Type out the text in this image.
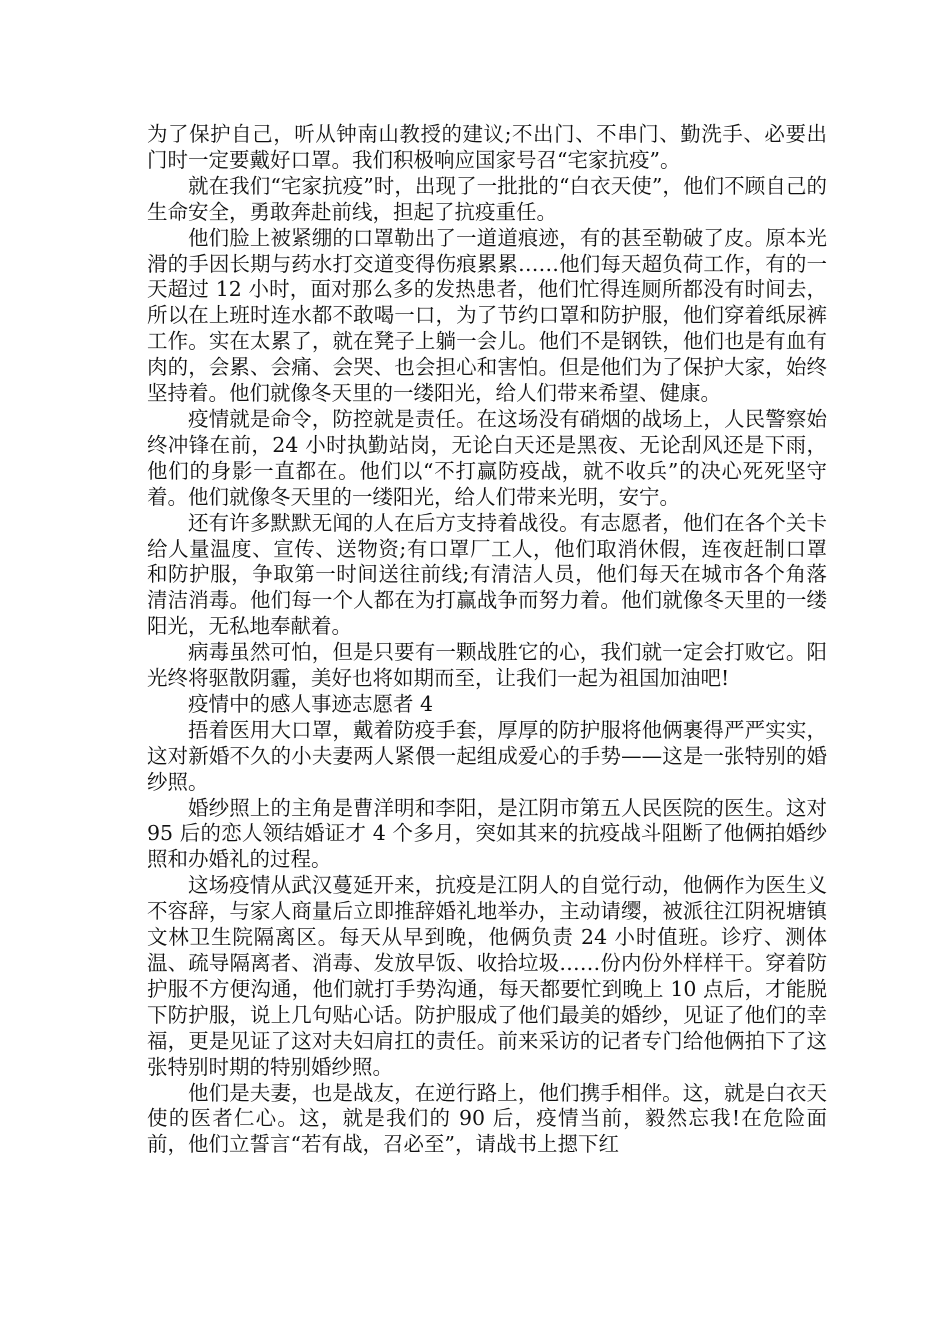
为了保护自己，听从钟南山教授的建议;不出门、不串门、勤洗手、必要出门时一定要戴好口罩。我们积极响应国家号召“宅家抗疫”。

就在我们“宅家抗疫”时，出现了一批批的“白衣天使”，他们不顾自己的生命安全，勇敢奔赴前线，担起了抗疫重任。

他们脸上被紧绷的口罩勒出了一道道痕迹，有的甚至勒破了皮。原本光滑的手因长期与药水打交道变得伤痕累累……他们每天超负荷工作，有的一天超过 12 小时，面对那么多的发热患者，他们忙得连厕所都没有时间去，所以在上班时连水都不敢喝一口，为了节约口罩和防护服，他们穿着纸尿裤工作。实在太累了，就在凳子上躺一会儿。他们不是钢铁，他们也是有血有肉的，会累、会痛、会哭、也会担心和害怕。但是他们为了保护大家，始终坚持着。他们就像冬天里的一缕阳光，给人们带来希望、健康。

疫情就是命令，防控就是责任。在这场没有硝烟的战场上，人民警察始终冲锋在前，24 小时执勤站岗，无论白天还是黑夜、无论刮风还是下雨，他们的身影一直都在。他们以“不打赢防疫战，就不收兵”的决心死死坚守着。他们就像冬天里的一缕阳光，给人们带来光明，安宁。

还有许多默默无闻的人在后方支持着战役。有志愿者，他们在各个关卡给人量温度、宣传、送物资;有口罩厂工人，他们取消休假，连夜赶制口罩和防护服，争取第一时间送往前线;有清洁人员，他们每天在城市各个角落清洁消毒。他们每一个人都在为打赢战争而努力着。他们就像冬天里的一缕阳光，无私地奉献着。

病毒虽然可怕，但是只要有一颗战胜它的心，我们就一定会打败它。阳光终将驱散阴霾，美好也将如期而至，让我们一起为祖国加油吧!

疫情中的感人事迹志愿者 4

捂着医用大口罩，戴着防疫手套，厚厚的防护服将他俩裹得严严实实，这对新婚不久的小夫妻两人紧偎一起组成爱心的手势——这是一张特别的婚纱照。

婚纱照上的主角是曹洋明和李阳，是江阴市第五人民医院的医生。这对 95 后的恋人领结婚证才 4 个多月，突如其来的抗疫战斗阻断了他俩拍婚纱照和办婚礼的过程。

这场疫情从武汉蔓延开来，抗疫是江阴人的自觉行动，他俩作为医生义不容辞，与家人商量后立即推辞婚礼地举办，主动请缨，被派往江阴祝塘镇文林卫生院隔离区。每天从早到晚，他俩负责 24 小时值班。诊疗、测体温、疏导隔离者、消毒、发放早饭、收拾垃圾……份内份外样样干。穿着防护服不方便沟通，他们就打手势沟通，每天都要忙到晚上 10 点后，才能脱下防护服，说上几句贴心话。防护服成了他们最美的婚纱，见证了他们的幸福，更是见证了这对夫妇肩扛的责任。前来采访的记者专门给他俩拍下了这张特别时期的特别婚纱照。

他们是夫妻，也是战友，在逆行路上，他们携手相伴。这，就是白衣天使的医者仁心。这，就是我们的 90 后，疫情当前，毅然忘我!在危险面前，他们立誓言“若有战，召必至”，请战书上摁下红
